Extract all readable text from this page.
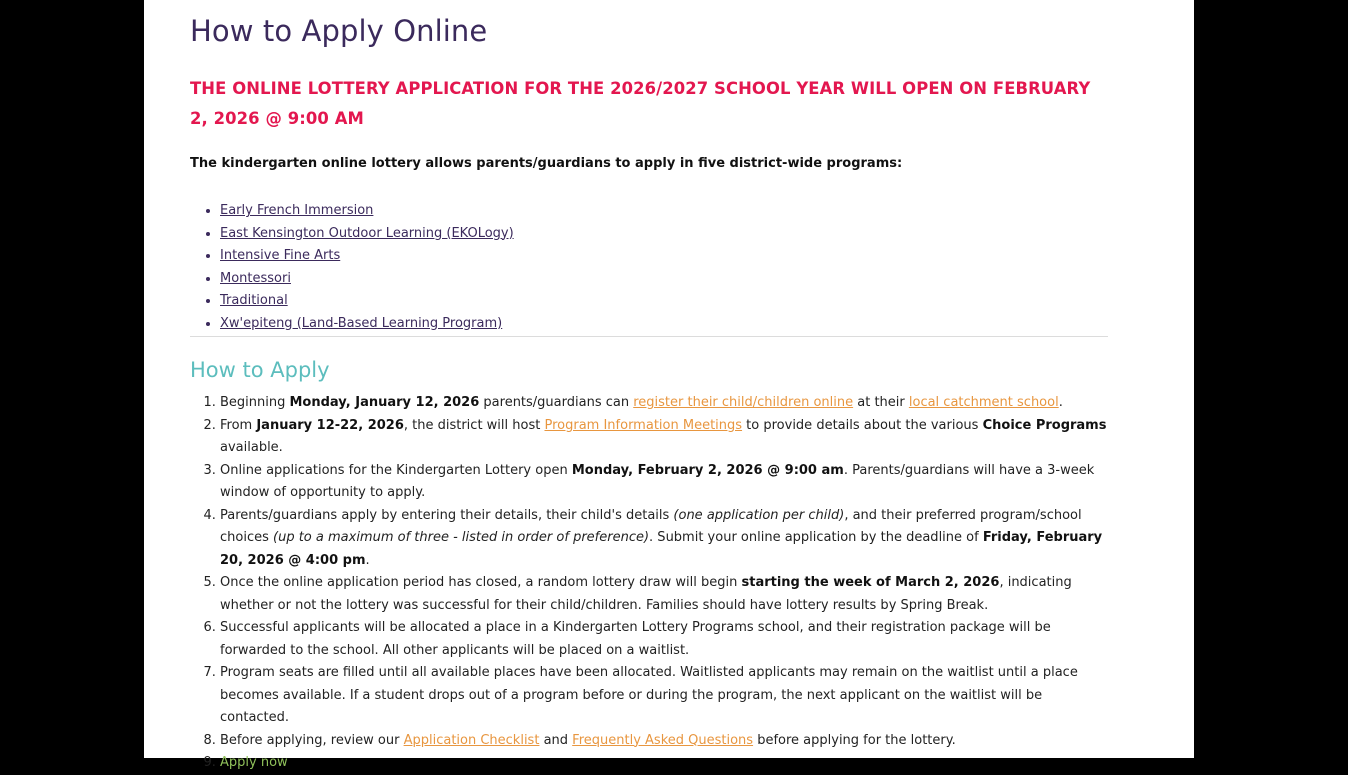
How to Apply Online

THE ONLINE LOTTERY APPLICATION FOR THE 2026/2027 SCHOOL YEAR WILL OPEN ON FEBRUARY 2, 2026 @ 9:00 AM

The kindergarten online lottery allows parents/guardians to apply in five district-wide programs:

• Early French Immersion
• East Kensington Outdoor Learning (EKOLogy)
• Intensive Fine Arts
• Montessori
• Traditional
• Xw'epiteng (Land-Based Learning Program)
How to Apply
1. Beginning Monday, January 12, 2026 parents/guardians can register their child/children online at their local catchment school.
2. From January 12-22, 2026, the district will host Program Information Meetings to provide details about the various Choice Programs available.
3. Online applications for the Kindergarten Lottery open Monday, February 2, 2026 @ 9:00 am. Parents/guardians will have a 3-week window of opportunity to apply.
4. Parents/guardians apply by entering their details, their child's details (one application per child), and their preferred program/school choices (up to a maximum of three - listed in order of preference). Submit your online application by the deadline of Friday, February 20, 2026 @ 4:00 pm.
5. Once the online application period has closed, a random lottery draw will begin starting the week of March 2, 2026, indicating whether or not the lottery was successful for their child/children. Families should have lottery results by Spring Break.
6. Successful applicants will be allocated a place in a Kindergarten Lottery Programs school, and their registration package will be forwarded to the school. All other applicants will be placed on a waitlist.
7. Program seats are filled until all available places have been allocated. Waitlisted applicants may remain on the waitlist until a place becomes available. If a student drops out of a program before or during the program, the next applicant on the waitlist will be contacted.
8. Before applying, review our Application Checklist and Frequently Asked Questions before applying for the lottery.
9. Apply now
